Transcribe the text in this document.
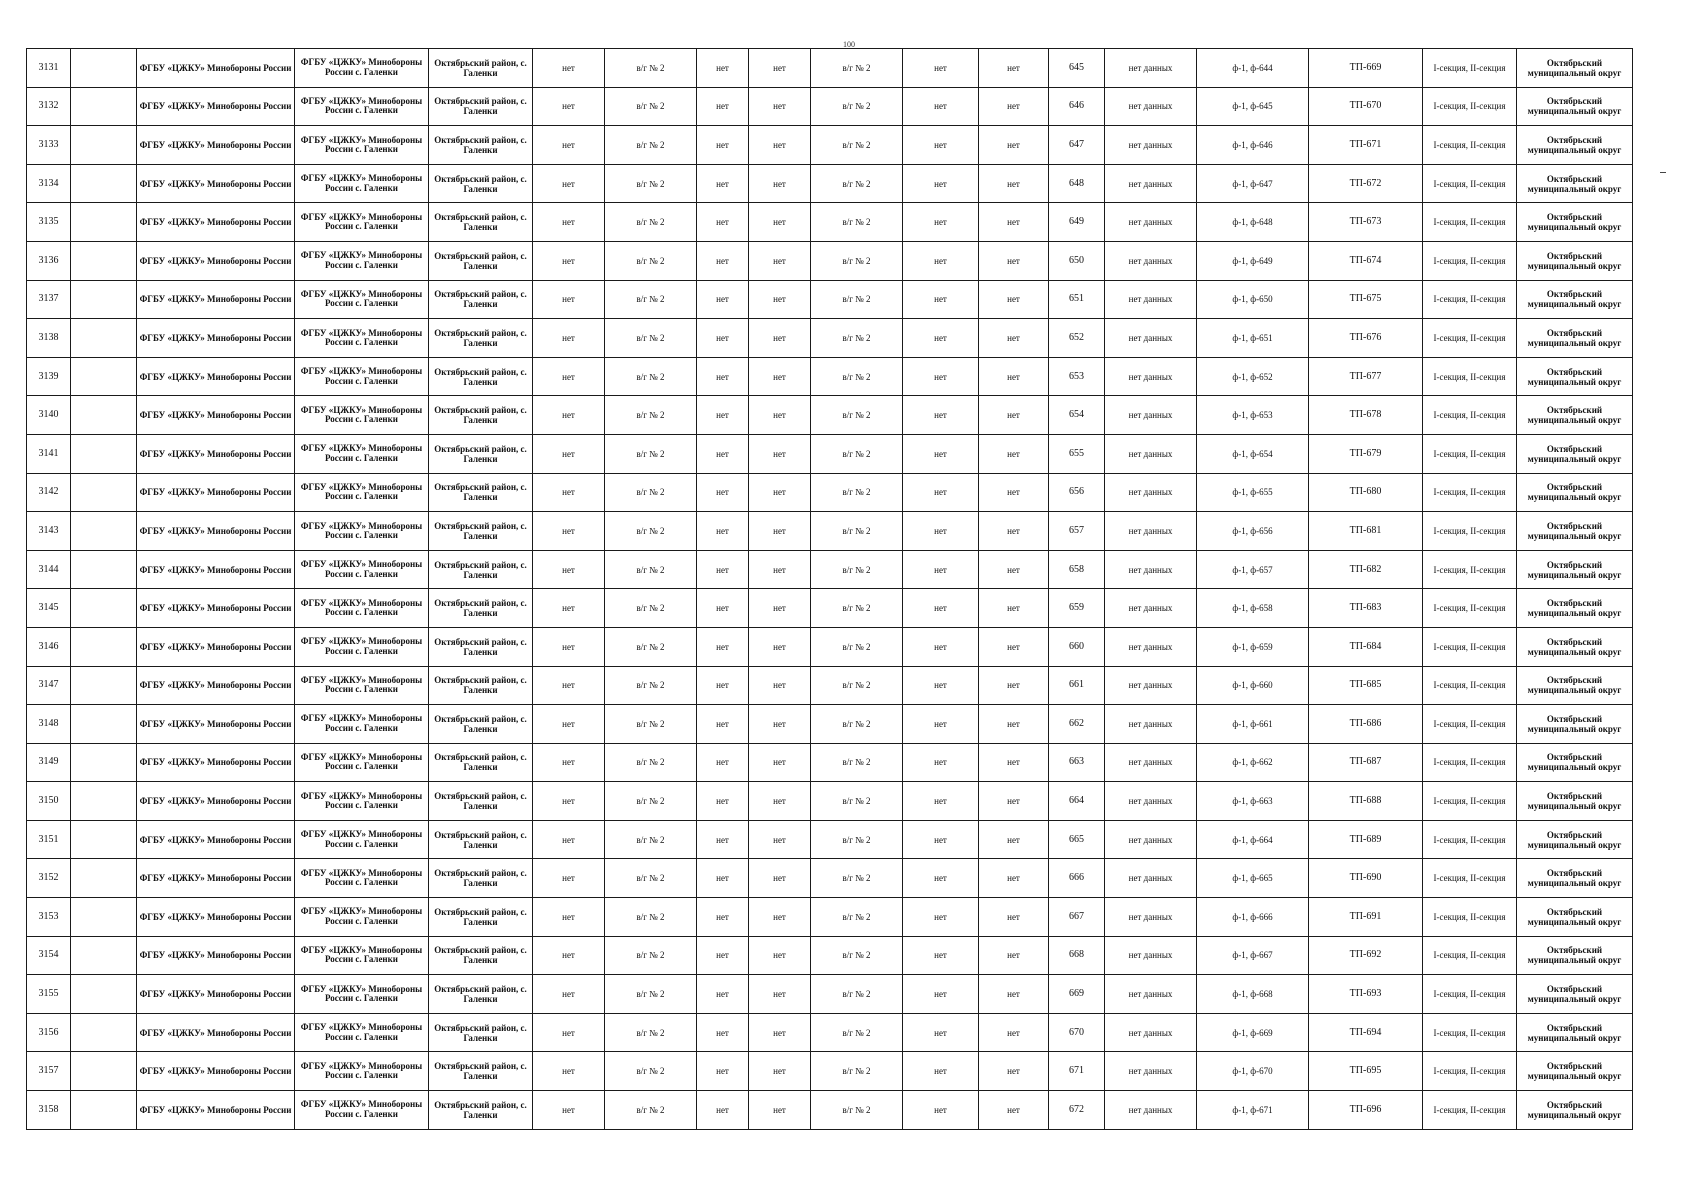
100
3131		ФГБУ «ЦЖКУ» Минобороны России	ФГБУ «ЦЖКУ» Минобороны России с. Галенки	Октябрьский район, с. Галенки	нет	в/г № 2	нет	нет	в/г № 2	нет	нет	645	нет данных	ф-1, ф-644	ТП-669	I-секция, II-секция	Октябрьский муниципальный округ
3132		ФГБУ «ЦЖКУ» Минобороны России	ФГБУ «ЦЖКУ» Минобороны России с. Галенки	Октябрьский район, с. Галенки	нет	в/г № 2	нет	нет	в/г № 2	нет	нет	646	нет данных	ф-1, ф-645	ТП-670	I-секция, II-секция	Октябрьский муниципальный округ
3133		ФГБУ «ЦЖКУ» Минобороны России	ФГБУ «ЦЖКУ» Минобороны России с. Галенки	Октябрьский район, с. Галенки	нет	в/г № 2	нет	нет	в/г № 2	нет	нет	647	нет данных	ф-1, ф-646	ТП-671	I-секция, II-секция	Октябрьский муниципальный округ
3134		ФГБУ «ЦЖКУ» Минобороны России	ФГБУ «ЦЖКУ» Минобороны России с. Галенки	Октябрьский район, с. Галенки	нет	в/г № 2	нет	нет	в/г № 2	нет	нет	648	нет данных	ф-1, ф-647	ТП-672	I-секция, II-секция	Октябрьский муниципальный округ
3135		ФГБУ «ЦЖКУ» Минобороны России	ФГБУ «ЦЖКУ» Минобороны России с. Галенки	Октябрьский район, с. Галенки	нет	в/г № 2	нет	нет	в/г № 2	нет	нет	649	нет данных	ф-1, ф-648	ТП-673	I-секция, II-секция	Октябрьский муниципальный округ
3136		ФГБУ «ЦЖКУ» Минобороны России	ФГБУ «ЦЖКУ» Минобороны России с. Галенки	Октябрьский район, с. Галенки	нет	в/г № 2	нет	нет	в/г № 2	нет	нет	650	нет данных	ф-1, ф-649	ТП-674	I-секция, II-секция	Октябрьский муниципальный округ
3137		ФГБУ «ЦЖКУ» Минобороны России	ФГБУ «ЦЖКУ» Минобороны России с. Галенки	Октябрьский район, с. Галенки	нет	в/г № 2	нет	нет	в/г № 2	нет	нет	651	нет данных	ф-1, ф-650	ТП-675	I-секция, II-секция	Октябрьский муниципальный округ
3138		ФГБУ «ЦЖКУ» Минобороны России	ФГБУ «ЦЖКУ» Минобороны России с. Галенки	Октябрьский район, с. Галенки	нет	в/г № 2	нет	нет	в/г № 2	нет	нет	652	нет данных	ф-1, ф-651	ТП-676	I-секция, II-секция	Октябрьский муниципальный округ
3139		ФГБУ «ЦЖКУ» Минобороны России	ФГБУ «ЦЖКУ» Минобороны России с. Галенки	Октябрьский район, с. Галенки	нет	в/г № 2	нет	нет	в/г № 2	нет	нет	653	нет данных	ф-1, ф-652	ТП-677	I-секция, II-секция	Октябрьский муниципальный округ
3140		ФГБУ «ЦЖКУ» Минобороны России	ФГБУ «ЦЖКУ» Минобороны России с. Галенки	Октябрьский район, с. Галенки	нет	в/г № 2	нет	нет	в/г № 2	нет	нет	654	нет данных	ф-1, ф-653	ТП-678	I-секция, II-секция	Октябрьский муниципальный округ
3141		ФГБУ «ЦЖКУ» Минобороны России	ФГБУ «ЦЖКУ» Минобороны России с. Галенки	Октябрьский район, с. Галенки	нет	в/г № 2	нет	нет	в/г № 2	нет	нет	655	нет данных	ф-1, ф-654	ТП-679	I-секция, II-секция	Октябрьский муниципальный округ
3142		ФГБУ «ЦЖКУ» Минобороны России	ФГБУ «ЦЖКУ» Минобороны России с. Галенки	Октябрьский район, с. Галенки	нет	в/г № 2	нет	нет	в/г № 2	нет	нет	656	нет данных	ф-1, ф-655	ТП-680	I-секция, II-секция	Октябрьский муниципальный округ
3143		ФГБУ «ЦЖКУ» Минобороны России	ФГБУ «ЦЖКУ» Минобороны России с. Галенки	Октябрьский район, с. Галенки	нет	в/г № 2	нет	нет	в/г № 2	нет	нет	657	нет данных	ф-1, ф-656	ТП-681	I-секция, II-секция	Октябрьский муниципальный округ
3144		ФГБУ «ЦЖКУ» Минобороны России	ФГБУ «ЦЖКУ» Минобороны России с. Галенки	Октябрьский район, с. Галенки	нет	в/г № 2	нет	нет	в/г № 2	нет	нет	658	нет данных	ф-1, ф-657	ТП-682	I-секция, II-секция	Октябрьский муниципальный округ
3145		ФГБУ «ЦЖКУ» Минобороны России	ФГБУ «ЦЖКУ» Минобороны России с. Галенки	Октябрьский район, с. Галенки	нет	в/г № 2	нет	нет	в/г № 2	нет	нет	659	нет данных	ф-1, ф-658	ТП-683	I-секция, II-секция	Октябрьский муниципальный округ
3146		ФГБУ «ЦЖКУ» Минобороны России	ФГБУ «ЦЖКУ» Минобороны России с. Галенки	Октябрьский район, с. Галенки	нет	в/г № 2	нет	нет	в/г № 2	нет	нет	660	нет данных	ф-1, ф-659	ТП-684	I-секция, II-секция	Октябрьский муниципальный округ
3147		ФГБУ «ЦЖКУ» Минобороны России	ФГБУ «ЦЖКУ» Минобороны России с. Галенки	Октябрьский район, с. Галенки	нет	в/г № 2	нет	нет	в/г № 2	нет	нет	661	нет данных	ф-1, ф-660	ТП-685	I-секция, II-секция	Октябрьский муниципальный округ
3148		ФГБУ «ЦЖКУ» Минобороны России	ФГБУ «ЦЖКУ» Минобороны России с. Галенки	Октябрьский район, с. Галенки	нет	в/г № 2	нет	нет	в/г № 2	нет	нет	662	нет данных	ф-1, ф-661	ТП-686	I-секция, II-секция	Октябрьский муниципальный округ
3149		ФГБУ «ЦЖКУ» Минобороны России	ФГБУ «ЦЖКУ» Минобороны России с. Галенки	Октябрьский район, с. Галенки	нет	в/г № 2	нет	нет	в/г № 2	нет	нет	663	нет данных	ф-1, ф-662	ТП-687	I-секция, II-секция	Октябрьский муниципальный округ
3150		ФГБУ «ЦЖКУ» Минобороны России	ФГБУ «ЦЖКУ» Минобороны России с. Галенки	Октябрьский район, с. Галенки	нет	в/г № 2	нет	нет	в/г № 2	нет	нет	664	нет данных	ф-1, ф-663	ТП-688	I-секция, II-секция	Октябрьский муниципальный округ
3151		ФГБУ «ЦЖКУ» Минобороны России	ФГБУ «ЦЖКУ» Минобороны России с. Галенки	Октябрьский район, с. Галенки	нет	в/г № 2	нет	нет	в/г № 2	нет	нет	665	нет данных	ф-1, ф-664	ТП-689	I-секция, II-секция	Октябрьский муниципальный округ
3152		ФГБУ «ЦЖКУ» Минобороны России	ФГБУ «ЦЖКУ» Минобороны России с. Галенки	Октябрьский район, с. Галенки	нет	в/г № 2	нет	нет	в/г № 2	нет	нет	666	нет данных	ф-1, ф-665	ТП-690	I-секция, II-секция	Октябрьский муниципальный округ
3153		ФГБУ «ЦЖКУ» Минобороны России	ФГБУ «ЦЖКУ» Минобороны России с. Галенки	Октябрьский район, с. Галенки	нет	в/г № 2	нет	нет	в/г № 2	нет	нет	667	нет данных	ф-1, ф-666	ТП-691	I-секция, II-секция	Октябрьский муниципальный округ
3154		ФГБУ «ЦЖКУ» Минобороны России	ФГБУ «ЦЖКУ» Минобороны России с. Галенки	Октябрьский район, с. Галенки	нет	в/г № 2	нет	нет	в/г № 2	нет	нет	668	нет данных	ф-1, ф-667	ТП-692	I-секция, II-секция	Октябрьский муниципальный округ
3155		ФГБУ «ЦЖКУ» Минобороны России	ФГБУ «ЦЖКУ» Минобороны России с. Галенки	Октябрьский район, с. Галенки	нет	в/г № 2	нет	нет	в/г № 2	нет	нет	669	нет данных	ф-1, ф-668	ТП-693	I-секция, II-секция	Октябрьский муниципальный округ
3156		ФГБУ «ЦЖКУ» Минобороны России	ФГБУ «ЦЖКУ» Минобороны России с. Галенки	Октябрьский район, с. Галенки	нет	в/г № 2	нет	нет	в/г № 2	нет	нет	670	нет данных	ф-1, ф-669	ТП-694	I-секция, II-секция	Октябрьский муниципальный округ
3157		ФГБУ «ЦЖКУ» Минобороны России	ФГБУ «ЦЖКУ» Минобороны России с. Галенки	Октябрьский район, с. Галенки	нет	в/г № 2	нет	нет	в/г № 2	нет	нет	671	нет данных	ф-1, ф-670	ТП-695	I-секция, II-секция	Октябрьский муниципальный округ
3158		ФГБУ «ЦЖКУ» Минобороны России	ФГБУ «ЦЖКУ» Минобороны России с. Галенки	Октябрьский район, с. Галенки	нет	в/г № 2	нет	нет	в/г № 2	нет	нет	672	нет данных	ф-1, ф-671	ТП-696	I-секция, II-секция	Октябрьский муниципальный округ
